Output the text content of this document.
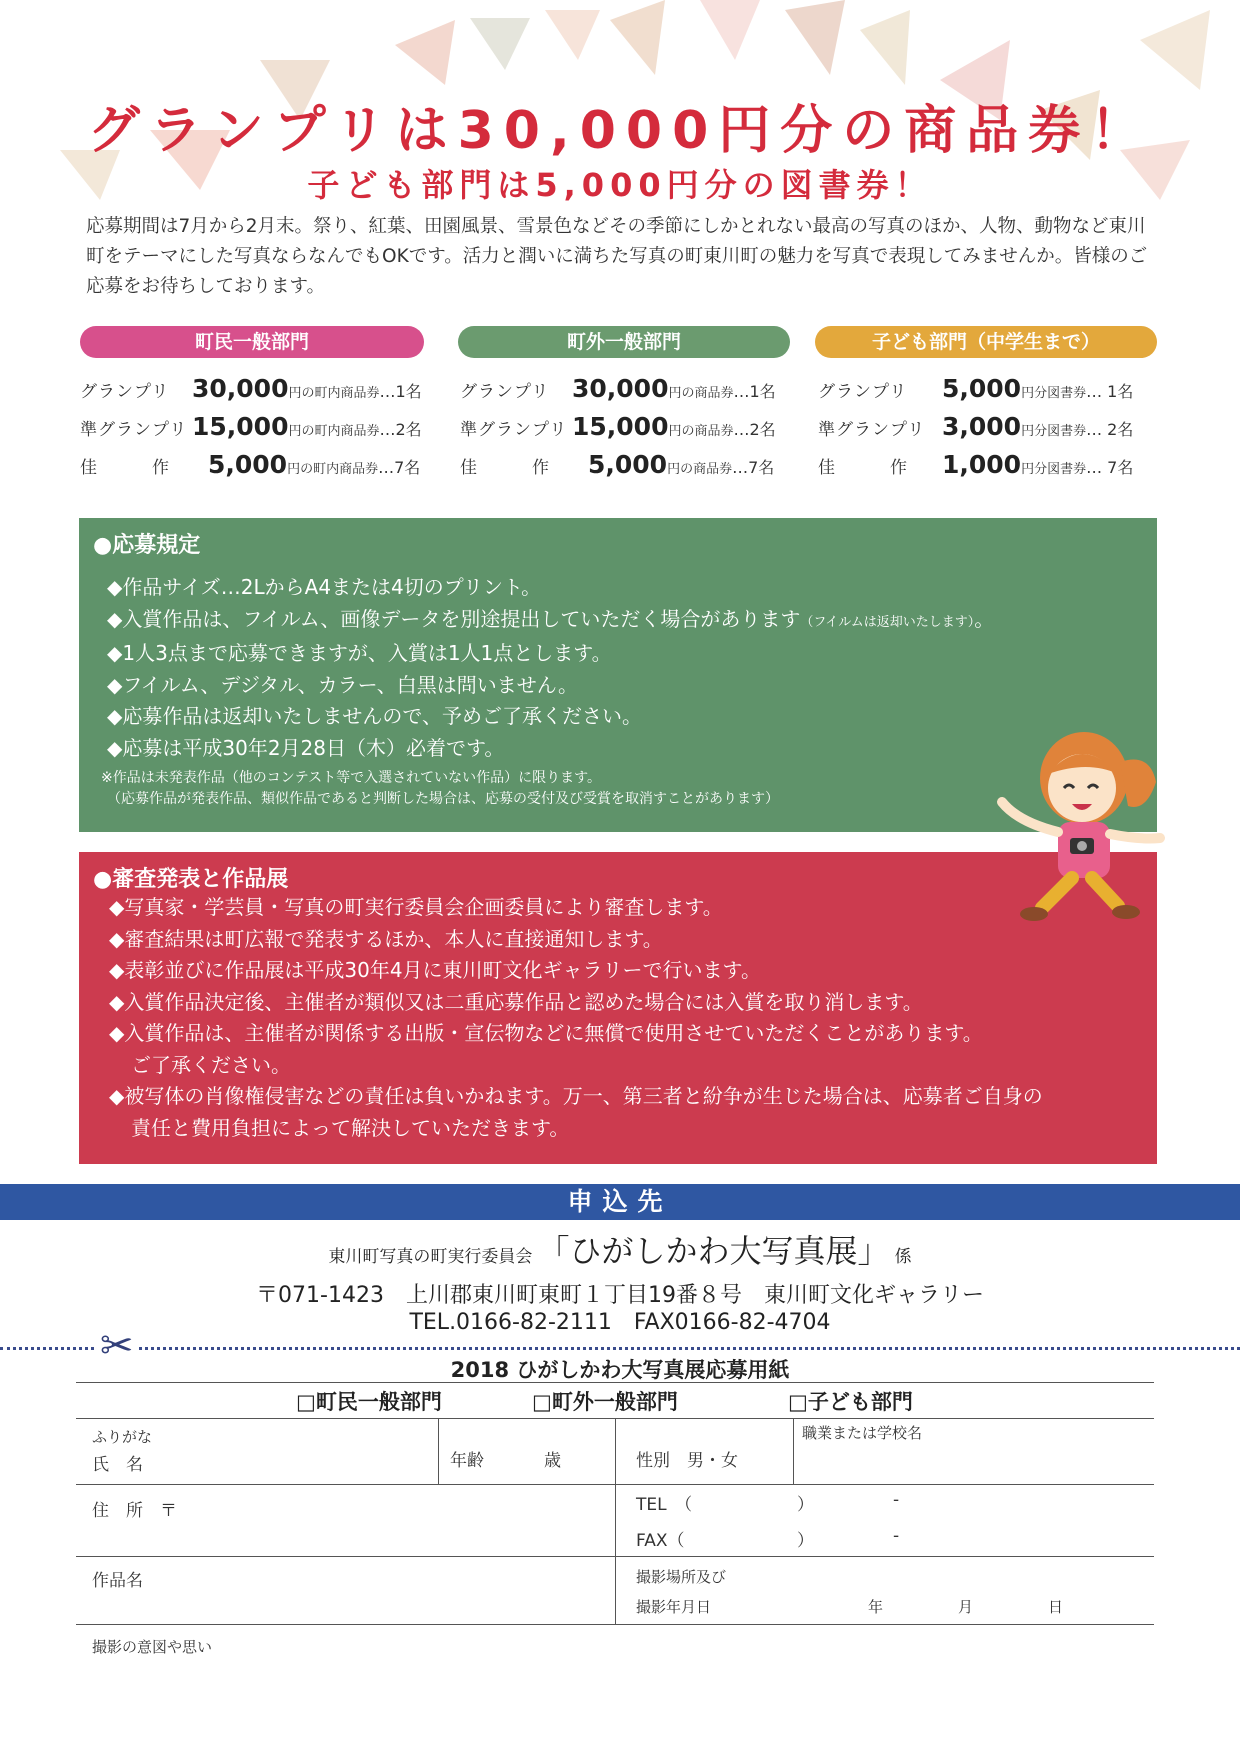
グランプリは30,000円分の商品券！
子ども部門は5,000円分の図書券！
応募期間は7月から2月末。祭り、紅葉、田園風景、雪景色などその季節にしかとれない最高の写真のほか、人物、動物など東川町をテーマにした写真ならなんでもOKです。活力と潤いに満ちた写真の町東川町の魅力を写真で表現してみませんか。皆様のご応募をお待ちしております。
町民一般部門	町外一般部門	子ども部門（中学生まで）
グランプリ 30,000 円の町内商品券 …1名
準グランプリ 15,000 円の町内商品券 …2名
佳　　　作	5,000 円の町内商品券 …7名
グランプリ 30,000 円の商品券 …1名
準グランプリ 15,000 円の商品券 …2名
佳　　　作	5,000 円の商品券 …7名
グランプリ	5,000 円分図書券 … 1名
準グランプリ 3,000 円分図書券 … 2名
佳　　　作	1,000 円分図書券 … 7名
●応募規定
◆作品サイズ…2LからA4または4切のプリント。
◆入賞作品は、フイルム、画像データを別途提出していただく場合があります（フイルムは返却いたします）。
◆1人3点まで応募できますが、入賞は1人1点とします。
◆フイルム、デジタル、カラー、白黒は問いません。
◆応募作品は返却いたしませんので、予めご了承ください。
◆応募は平成30年2月28日（木）必着です。
※作品は未発表作品（他のコンテスト等で入選されていない作品）に限ります。
（応募作品が発表作品、類似作品であると判断した場合は、応募の受付及び受賞を取消すことがあります）
●審査発表と作品展
◆写真家・学芸員・写真の町実行委員会企画委員により審査します。
◆審査結果は町広報で発表するほか、本人に直接通知します。
◆表彰並びに作品展は平成30年4月に東川町文化ギャラリーで行います。
◆入賞作品決定後、主催者が類似又は二重応募作品と認めた場合には入賞を取り消します。
◆入賞作品は、主催者が関係する出版・宣伝物などに無償で使用させていただくことがあります。
ご了承ください。
◆被写体の肖像権侵害などの責任は負いかねます。万一、第三者と紛争が生じた場合は、応募者ご自身の
責任と費用負担によって解決していただきます。
申込先
東川町写真の町実行委員会 「ひがしかわ大写真展」 係
〒071-1423　上川郡東川町東町１丁目19番８号　東川町文化ギャラリー
TEL.0166-82-2111　FAX0166-82-4704
✂
2018 ひがしかわ大写真展応募用紙
□町民一般部門	□町外一般部門	□子ども部門
ふりがな
氏　名	年齢	歳	性別　男・女
職業または学校名
住　所　〒	TEL　（	）	-
FAX（	）	-
作品名	撮影場所及び
撮影年月日	年	月	日
撮影の意図や思い
